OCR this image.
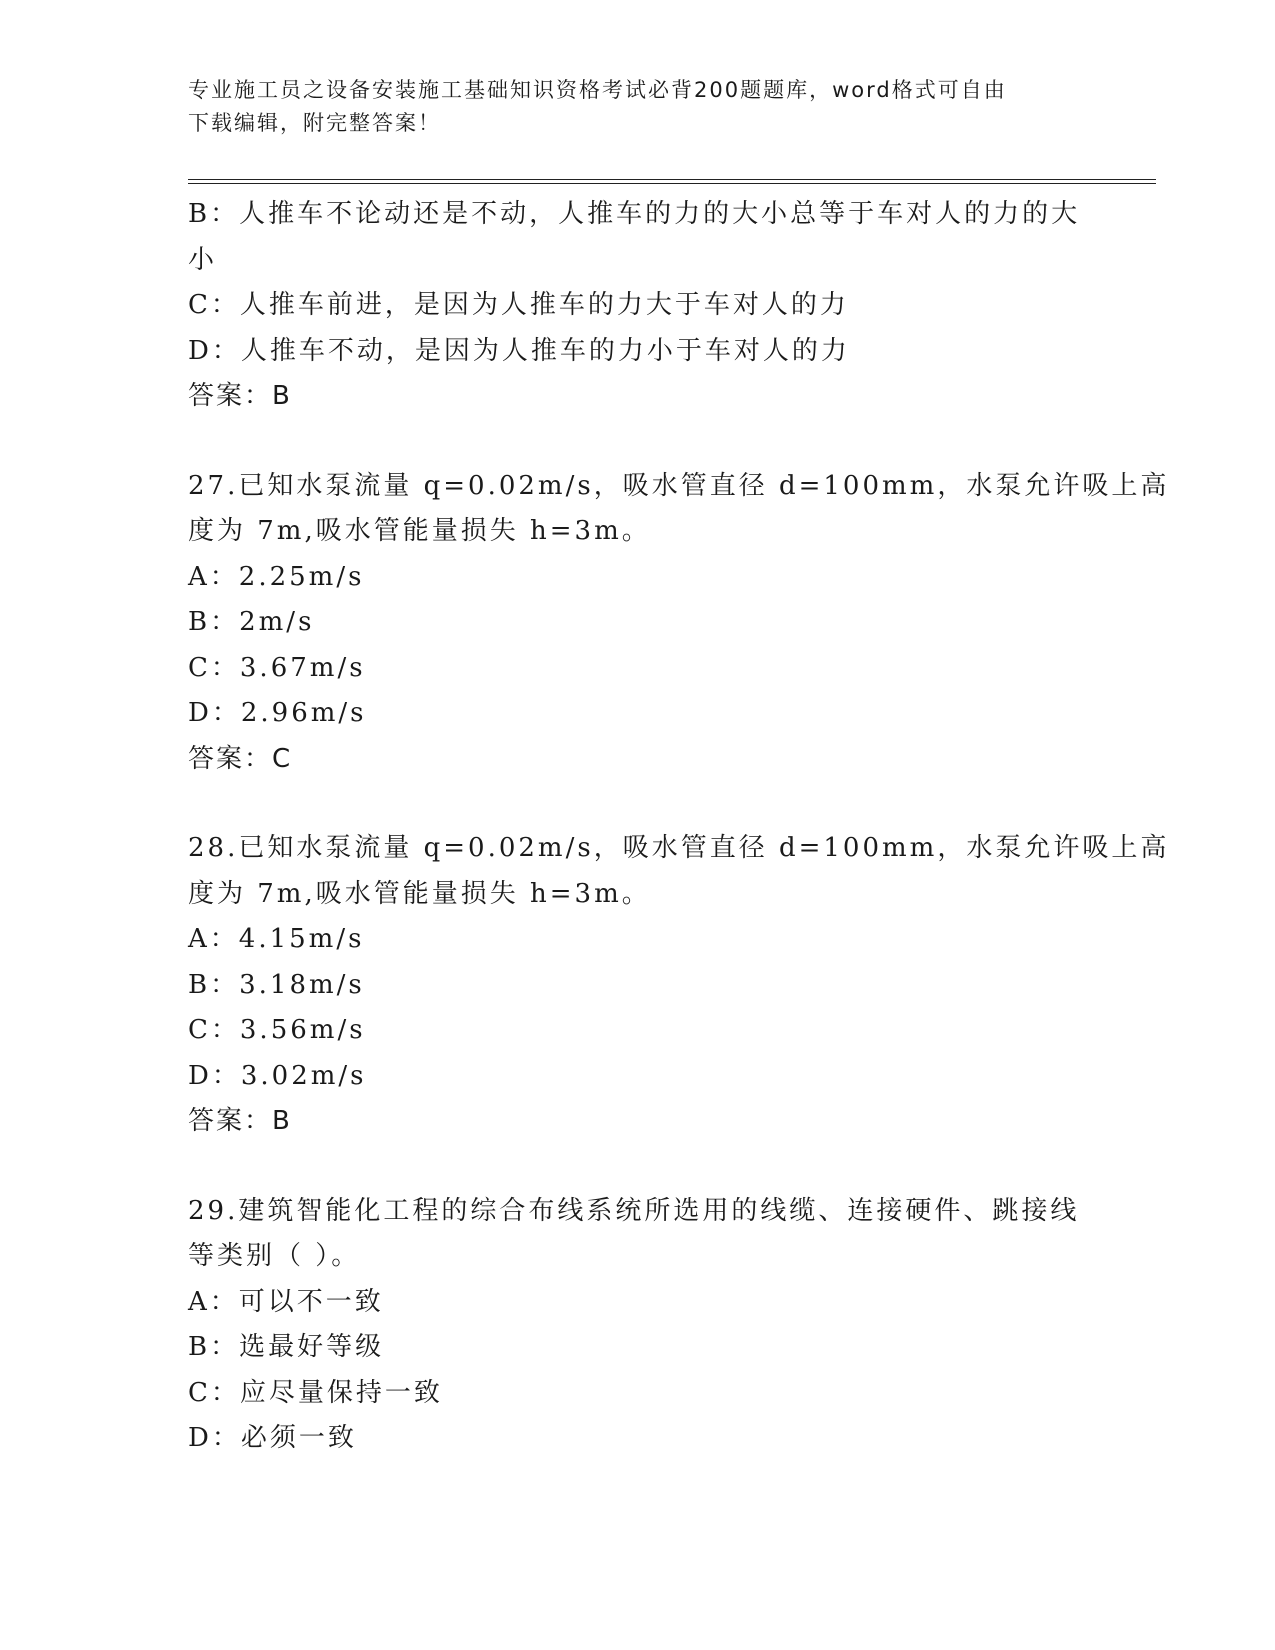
专业施工员之设备安装施工基础知识资格考试必背200题题库，word格式可自由
下载编辑，附完整答案！
B：人推车不论动还是不动，人推车的力的大小总等于车对人的力的大
小
C：人推车前进，是因为人推车的力大于车对人的力
D：人推车不动，是因为人推车的力小于车对人的力
答案：B
27.已知水泵流量 q=0.02m/s，吸水管直径 d=100mm，水泵允许吸上高
度为 7m,吸水管能量损失 h=3m。
A：2.25m/s
B：2m/s
C：3.67m/s
D：2.96m/s
答案：C
28.已知水泵流量 q=0.02m/s，吸水管直径 d=100mm，水泵允许吸上高
度为 7m,吸水管能量损失 h=3m。
A：4.15m/s
B：3.18m/s
C：3.56m/s
D：3.02m/s
答案：B
29.建筑智能化工程的综合布线系统所选用的线缆、连接硬件、跳接线
等类别（ ）。
A：可以不一致
B：选最好等级
C：应尽量保持一致
D：必须一致
